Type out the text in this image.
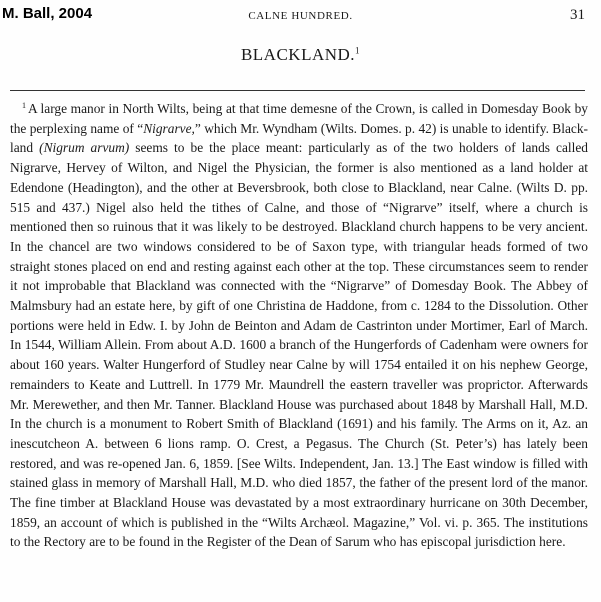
M. Ball, 2004	CALNE HUNDRED.	31
BLACKLAND.$^1$

$^1$ A large manor in North Wilts, being at that time demesne of the Crown, is called in Domesday Book by the perplexing name of “Nigrarve,” which Mr. Wyndham (Wilts. Domes. p. 42) is unable to identify. Black-land (Nigrum arvum) seems to be the place meant: particularly as of the two holders of lands called Nigrarve, Hervey of Wilton, and Nigel the Physician, the former is also mentioned as a land holder at Edendone (Headington), and the other at Beversbrook, both close to Blackland, near Calne. (Wilts D. pp. 515 and 437.) Nigel also held the tithes of Calne, and those of “Nigrarve” itself, where a church is mentioned then so ruinous that it was likely to be destroyed. Blackland church happens to be very ancient. In the chancel are two windows considered to be of Saxon type, with triangular heads formed of two straight stones placed on end and resting against each other at the top. These circumstances seem to render it not improbable that Blackland was connected with the “Nigrarve” of Domesday Book. The Abbey of Malmsbury had an estate here, by gift of one Christina de Haddone, from c. 1284 to the Dissolution. Other portions were held in Edw. I. by John de Beinton and Adam de Castrinton under Mortimer, Earl of March. In 1544, William Allein. From about A.D. 1600 a branch of the Hungerfords of Cadenham were owners for about 160 years. Walter Hungerford of Studley near Calne by will 1754 entailed it on his nephew George, remainders to Keate and Luttrell. In 1779 Mr. Maundrell the eastern traveller was proprictor. Afterwards Mr. Merewether, and then Mr. Tanner. Blackland House was purchased about 1848 by Marshall Hall, M.D. In the church is a monument to Robert Smith of Blackland (1691) and his family. The Arms on it, Az. an inescutcheon A. between 6 lions ramp. O. Crest, a Pegasus. The Church (St. Peter’s) has lately been restored, and was re-opened Jan. 6, 1859. [See Wilts. Independent, Jan. 13.] The East window is filled with stained glass in memory of Marshall Hall, M.D. who died 1857, the father of the present lord of the manor. The fine timber at Blackland House was devastated by a most extraordinary hurricane on 30th December, 1859, an account of which is published in the “Wilts Archæol. Magazine,” Vol. vi. p. 365. The institutions to the Rectory are to be found in the Register of the Dean of Sarum who has episcopal jurisdiction here.
